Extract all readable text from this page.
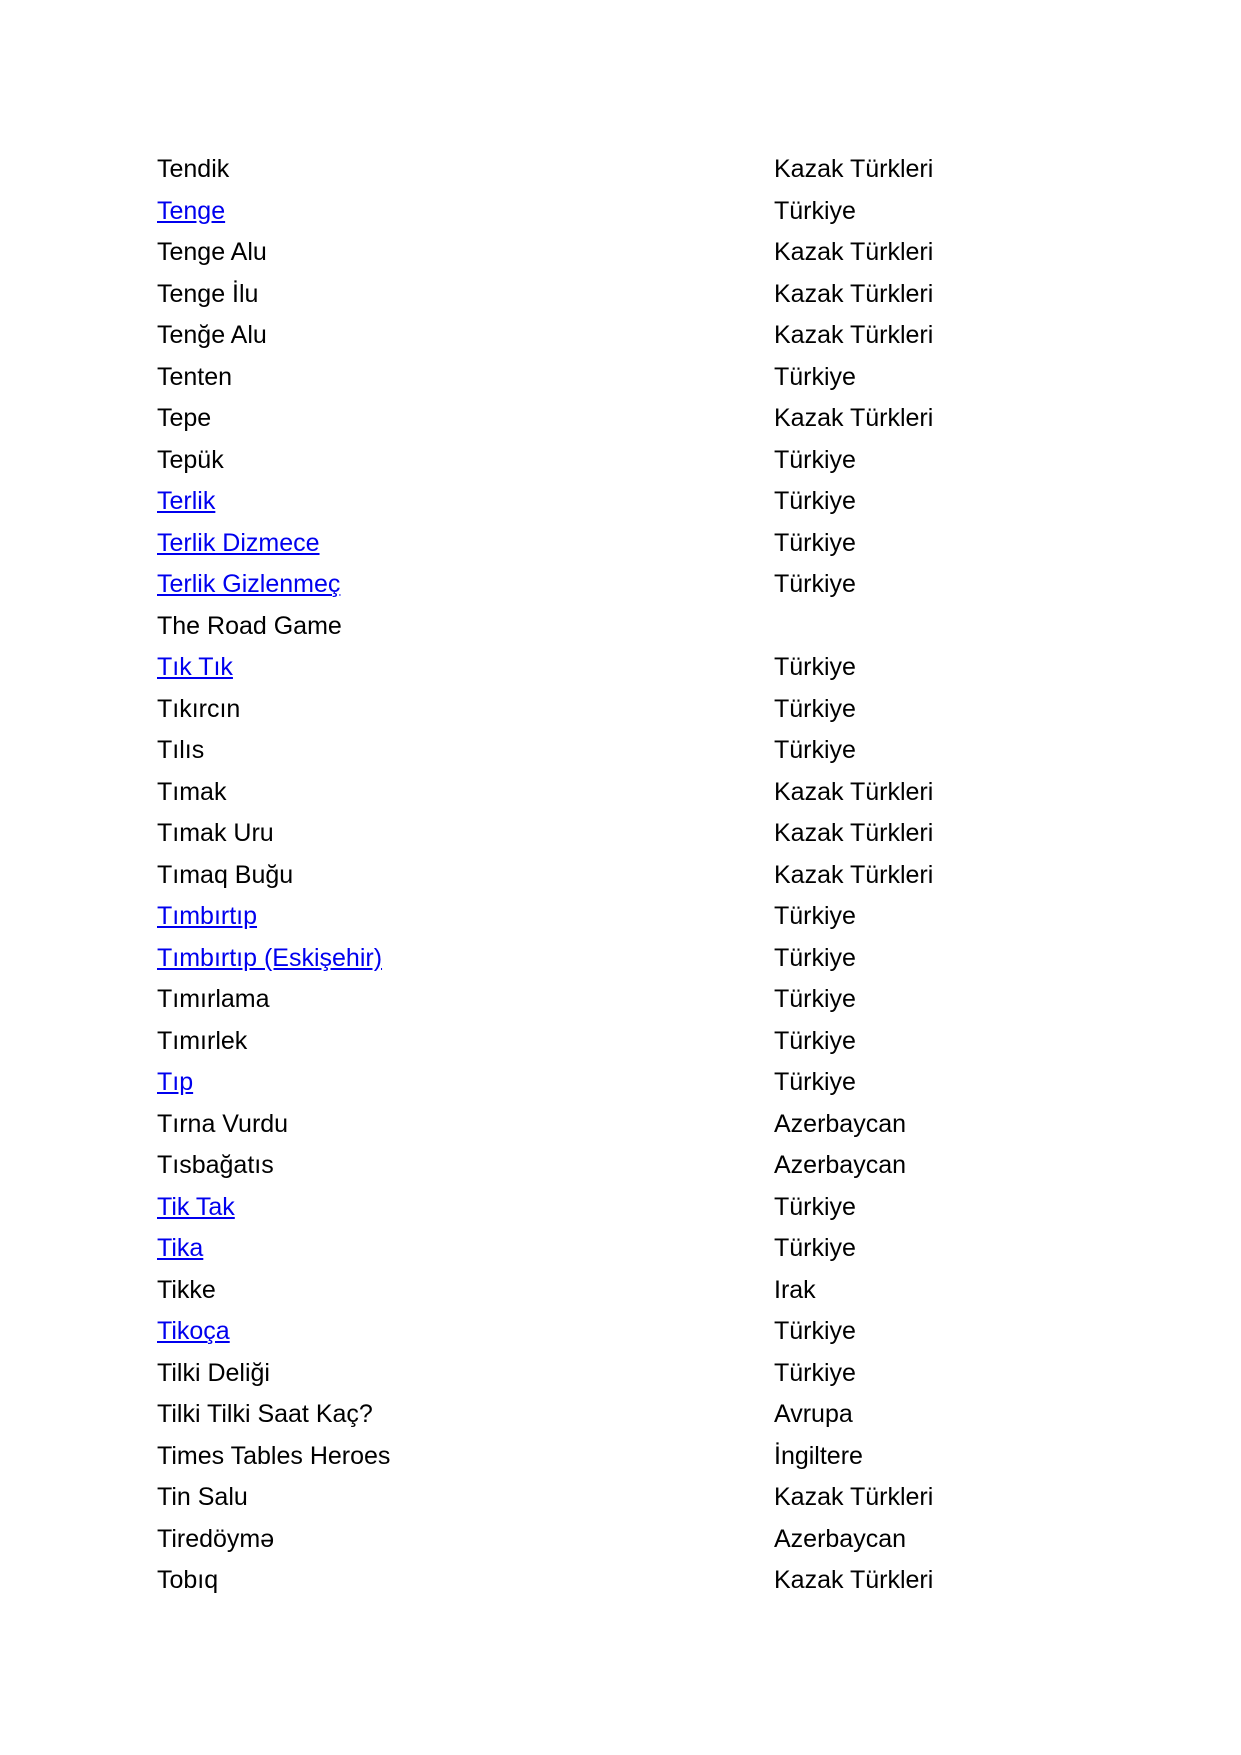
Tendik	Kazak Türkleri
Tenge	Türkiye
Tenge Alu	Kazak Türkleri
Tenge İlu	Kazak Türkleri
Tenğe Alu	Kazak Türkleri
Tenten	Türkiye
Tepe	Kazak Türkleri
Tepük	Türkiye
Terlik	Türkiye
Terlik Dizmece	Türkiye
Terlik Gizlenmeç	Türkiye
The Road Game
Tık Tık	Türkiye
Tıkırcın	Türkiye
Tılıs	Türkiye
Tımak	Kazak Türkleri
Tımak Uru	Kazak Türkleri
Tımaq Buğu	Kazak Türkleri
Tımbırtıp	Türkiye
Tımbırtıp (Eskişehir)	Türkiye
Tımırlama	Türkiye
Tımırlek	Türkiye
Tıp	Türkiye
Tırna Vurdu	Azerbaycan
Tısbağatıs	Azerbaycan
Tik Tak	Türkiye
Tika	Türkiye
Tikke	Irak
Tikoça	Türkiye
Tilki Deliği	Türkiye
Tilki Tilki Saat Kaç?	Avrupa
Times Tables Heroes	İngiltere
Tin Salu	Kazak Türkleri
Tiredöymə	Azerbaycan
Tobıq	Kazak Türkleri
